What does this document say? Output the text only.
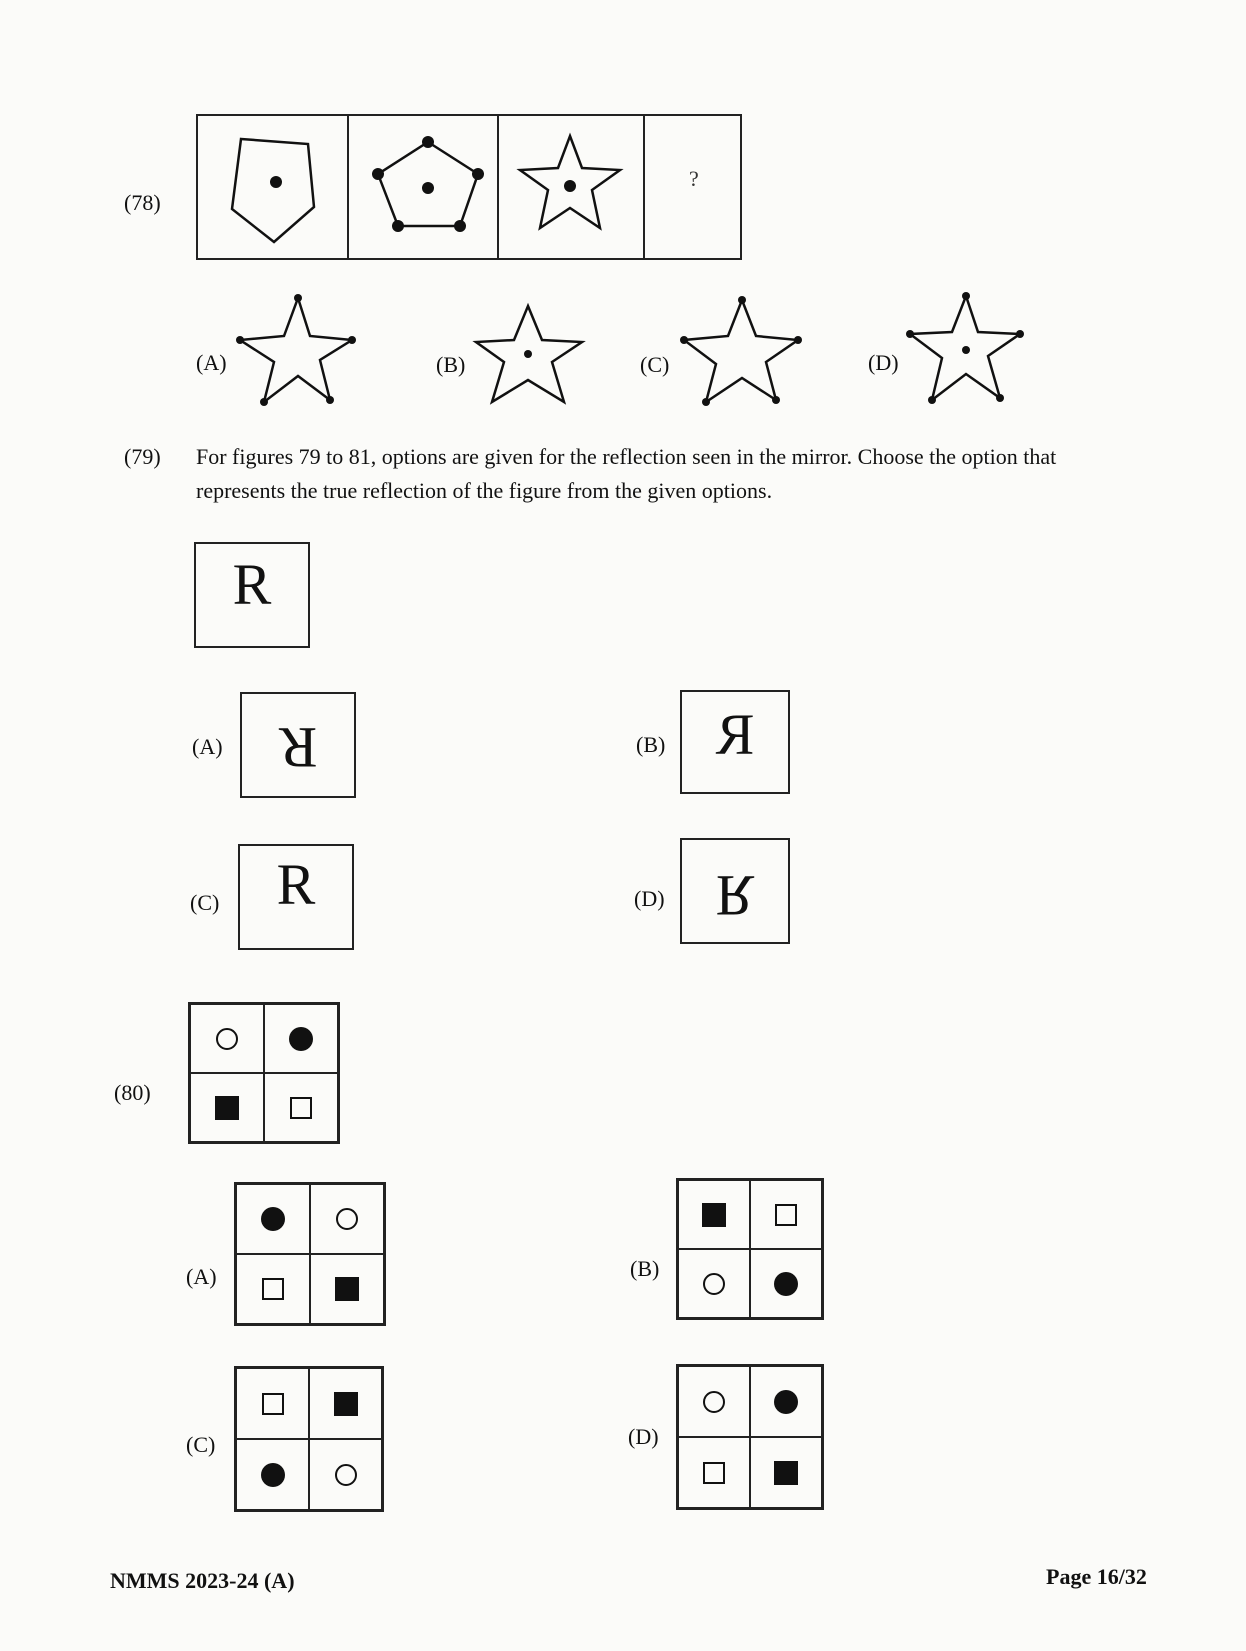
(78)
?
(A)	(B)	(C)	(D)
(79) For figures 79 to 81, options are given for the reflection seen in the mirror. Choose the option that
represents the true reflection of the figure from the given options.
R
(A) R	(B) R
(C) R	(D) R
(80)
(A)	(B)
(C)	(D)
NMMS 2023-24 (A)	Page 16/32
